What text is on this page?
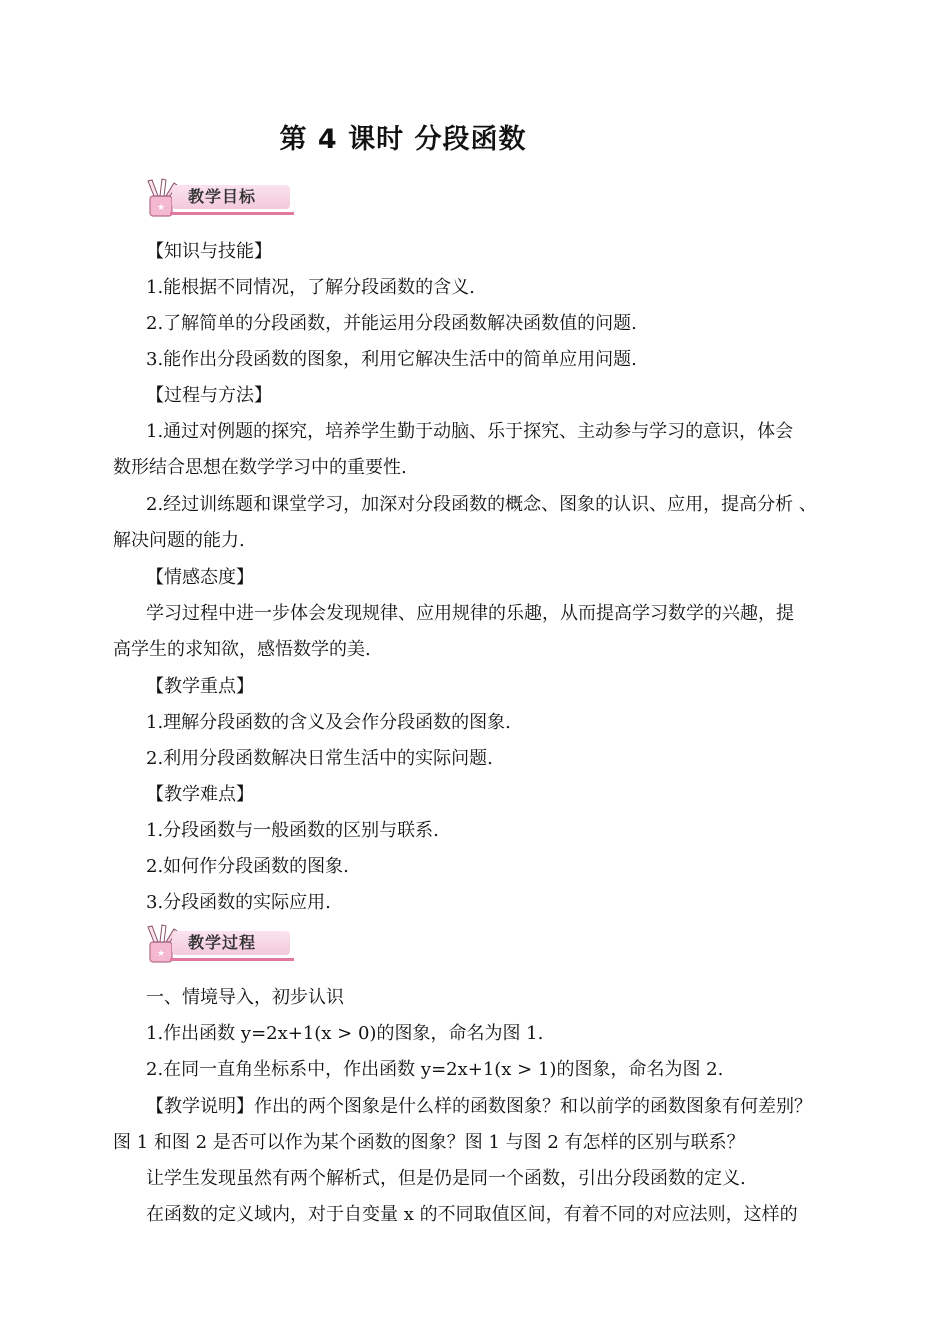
第 4 课时 分段函数
★
教学目标
【知识与技能】
1.能根据不同情况，了解分段函数的含义.
2.了解简单的分段函数，并能运用分段函数解决函数值的问题.
3.能作出分段函数的图象，利用它解决生活中的简单应用问题.
【过程与方法】
1.通过对例题的探究，培养学生勤于动脑、乐于探究、主动参与学习的意识，体会
数形结合思想在数学学习中的重要性.
2.经过训练题和课堂学习，加深对分段函数的概念、图象的认识、应用，提高分析 、
解决问题的能力.
【情感态度】
学习过程中进一步体会发现规律、应用规律的乐趣，从而提高学习数学的兴趣，提
高学生的求知欲，感悟数学的美.
【教学重点】
1.理解分段函数的含义及会作分段函数的图象.
2.利用分段函数解决日常生活中的实际问题.
【教学难点】
1.分段函数与一般函数的区别与联系.
2.如何作分段函数的图象.
3.分段函数的实际应用.
★
教学过程
一、情境导入，初步认识
1.作出函数 y=2x+1(x > 0)的图象，命名为图 1.
2.在同一直角坐标系中，作出函数 y=2x+1(x > 1)的图象，命名为图 2.
【教学说明】作出的两个图象是什么样的函数图象？和以前学的函数图象有何差别？
图 1 和图 2 是否可以作为某个函数的图象？图 1 与图 2 有怎样的区别与联系？
让学生发现虽然有两个解析式，但是仍是同一个函数，引出分段函数的定义.
在函数的定义域内，对于自变量 x 的不同取值区间，有着不同的对应法则，这样的
